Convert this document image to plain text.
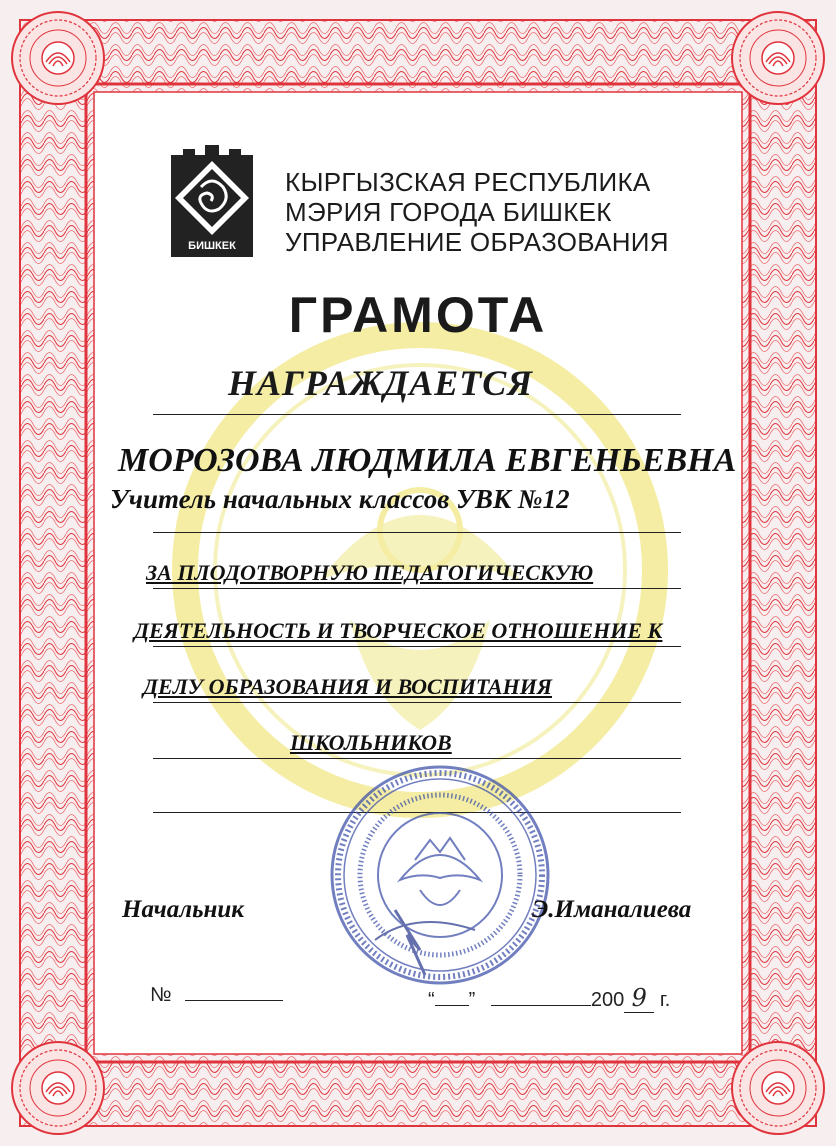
БИШКЕК
КЫРГЫЗСКАЯ РЕСПУБЛИКА
МЭРИЯ ГОРОДА БИШКЕК
УПРАВЛЕНИЕ ОБРАЗОВАНИЯ
ГРАМОТА
НАГРАЖДАЕТСЯ
МОРОЗОВА ЛЮДМИЛА ЕВГЕНЬЕВНА
Учитель начальных классов УВК №12
ЗА ПЛОДОТВОРНУЮ ПЕДАГОГИЧЕСКУЮ
ДЕЯТЕЛЬНОСТЬ И ТВОРЧЕСКОЕ ОТНОШЕНИЕ К
ДЕЛУ ОБРАЗОВАНИЯ И ВОСПИТАНИЯ
ШКОЛЬНИКОВ
Начальник	Э.Иманалиева
№	“ ”	200 9 г.
